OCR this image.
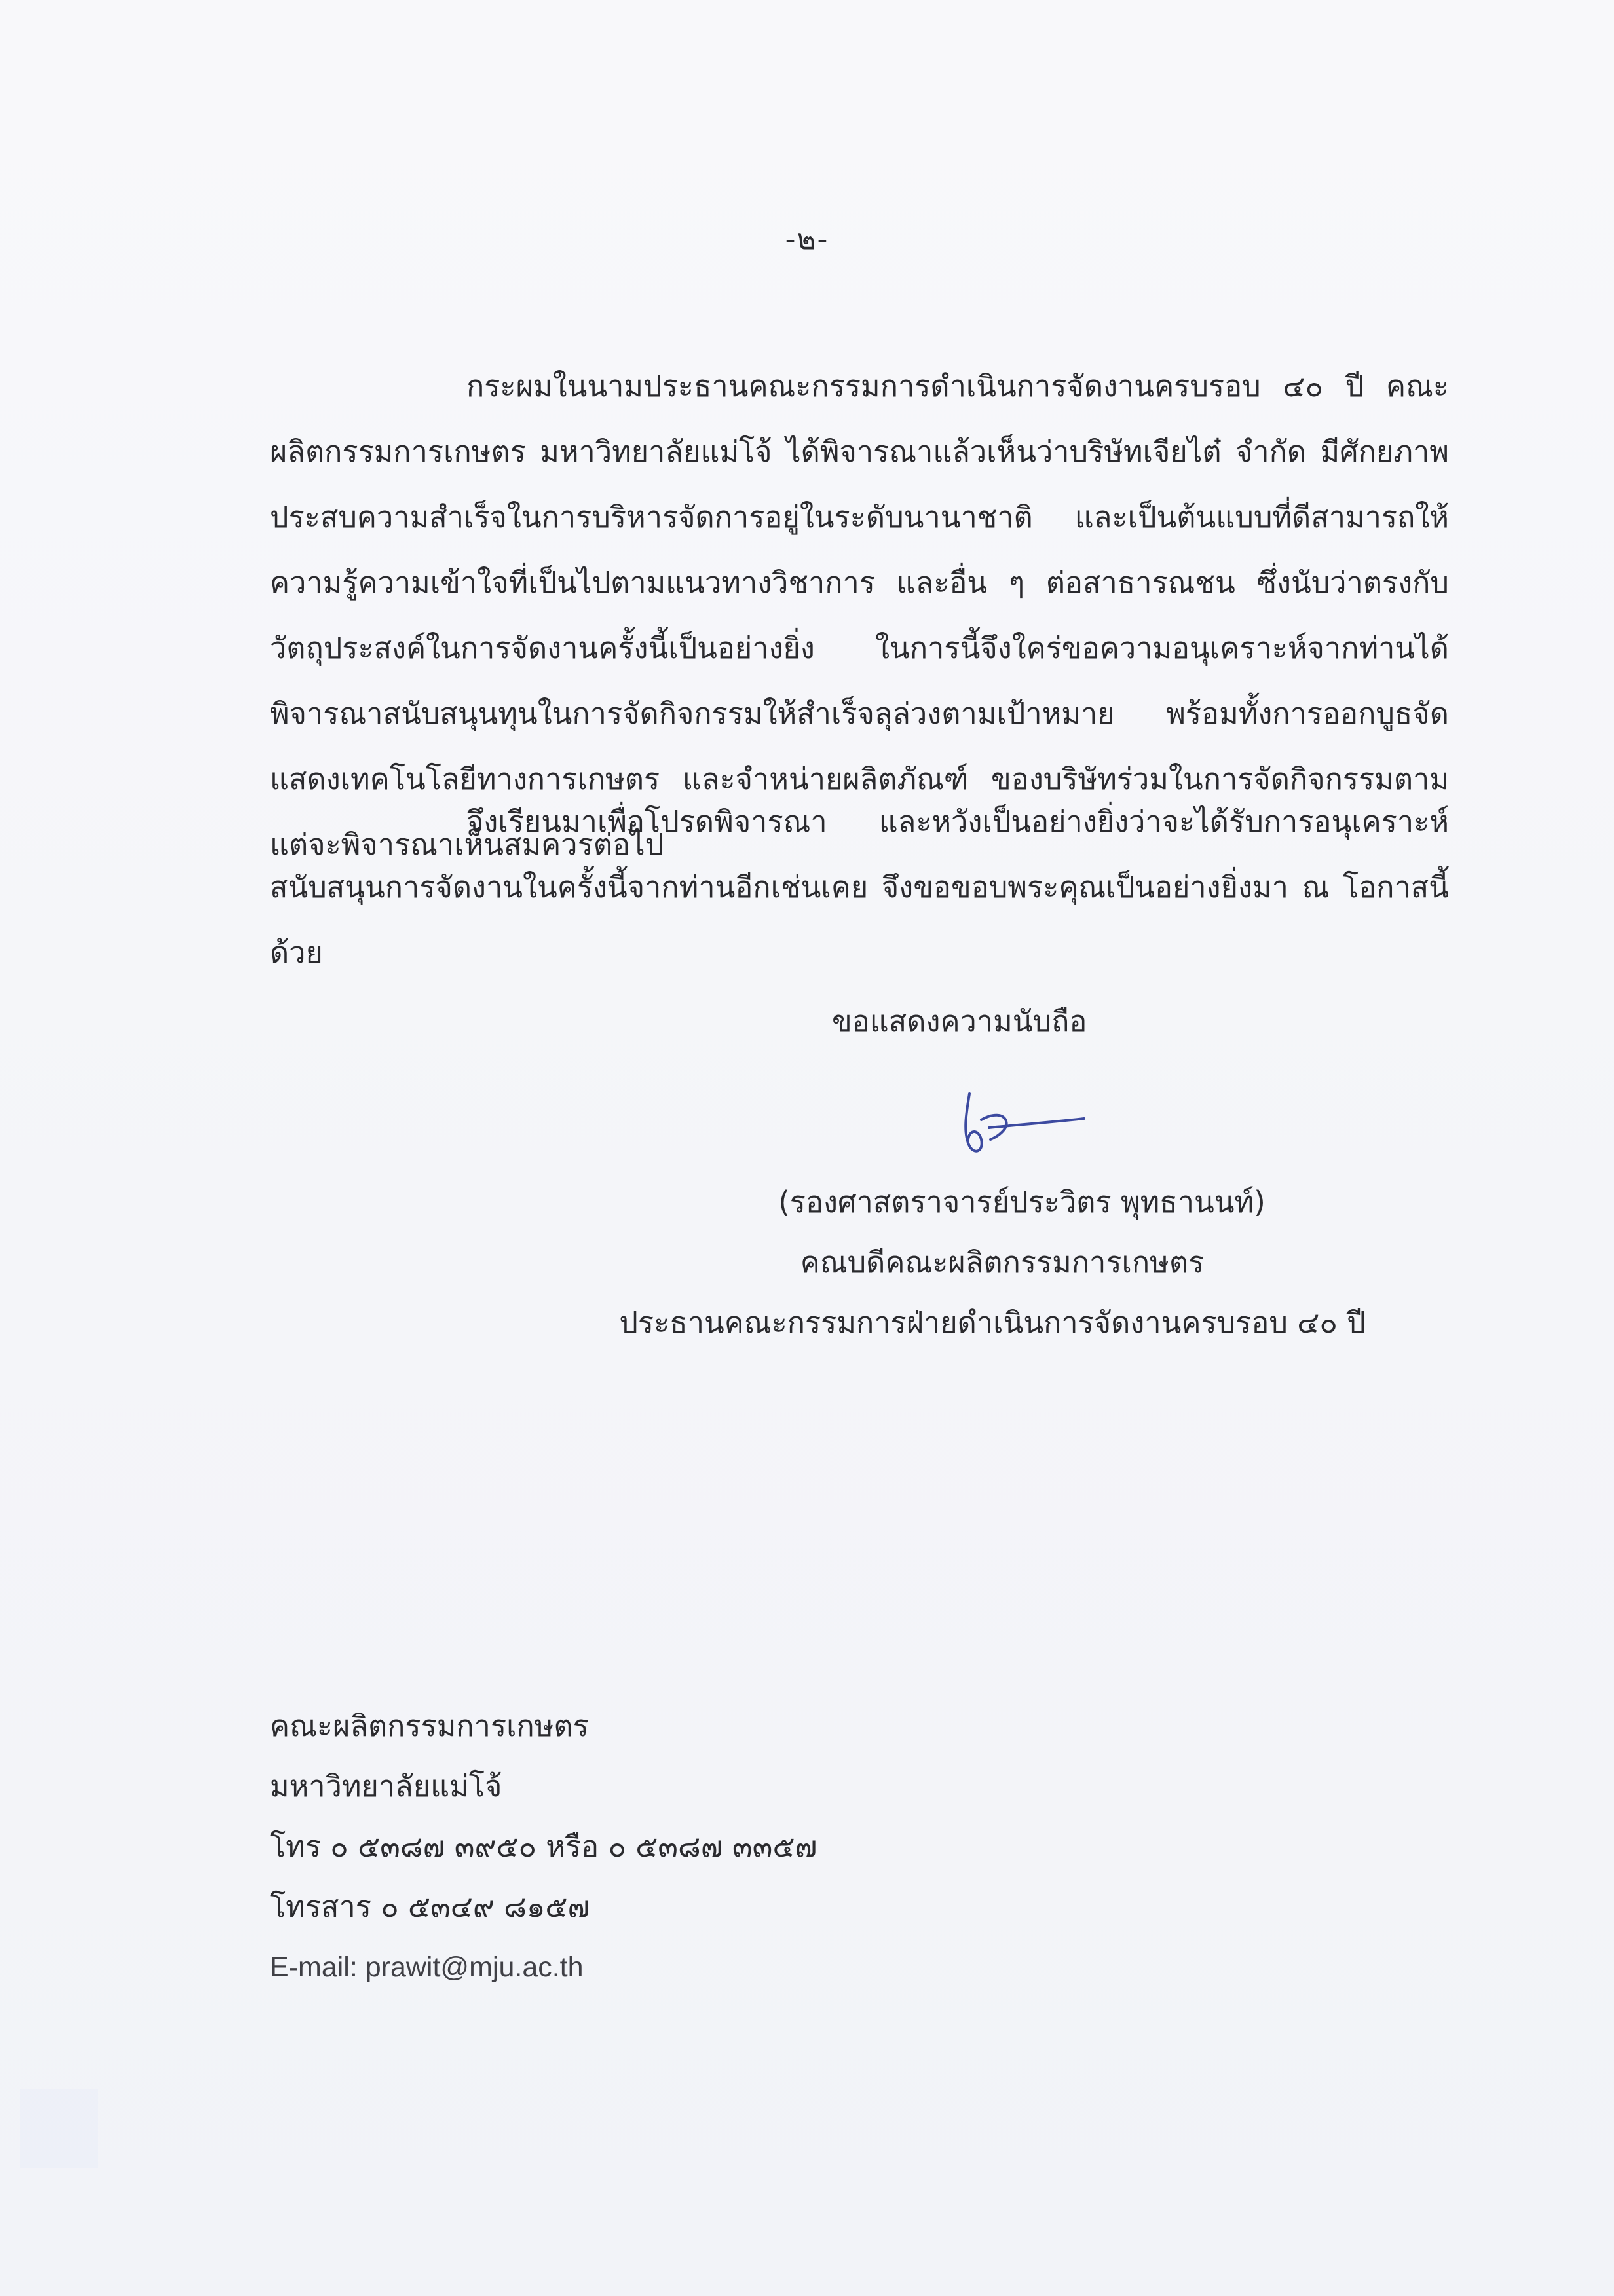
-๒-

กระผมในนามประธานคณะกรรมการดำเนินการจัดงานครบรอบ ๔๐ ปี คณะผลิตกรรมการเกษตร มหาวิทยาลัยแม่โจ้ ได้พิจารณาแล้วเห็นว่าบริษัทเจียไต๋ จำกัด มีศักยภาพประสบความสำเร็จในการบริหารจัดการอยู่ในระดับนานาชาติ และเป็นต้นแบบที่ดีสามารถให้ความรู้ความเข้าใจที่เป็นไปตามแนวทางวิชาการ และอื่น ๆ ต่อสาธารณชน ซึ่งนับว่าตรงกับวัตถุประสงค์ในการจัดงานครั้งนี้เป็นอย่างยิ่ง ในการนี้จึงใคร่ขอความอนุเคราะห์จากท่านได้พิจารณาสนับสนุนทุนในการจัดกิจกรรมให้สำเร็จลุล่วงตามเป้าหมาย พร้อมทั้งการออกบูธจัดแสดงเทคโนโลยีทางการเกษตร และจำหน่ายผลิตภัณฑ์ ของบริษัทร่วมในการจัดกิจกรรมตามแต่จะพิจารณาเห็นสมควรต่อไป

จึงเรียนมาเพื่อโปรดพิจารณา และหวังเป็นอย่างยิ่งว่าจะได้รับการอนุเคราะห์สนับสนุนการจัดงานในครั้งนี้จากท่านอีกเช่นเคย จึงขอขอบพระคุณเป็นอย่างยิ่งมา ณ โอกาสนี้ด้วย

ขอแสดงความนับถือ
(รองศาสตราจารย์ประวิตร พุทธานนท์)
คณบดีคณะผลิตกรรมการเกษตร
ประธานคณะกรรมการฝ่ายดำเนินการจัดงานครบรอบ ๔๐ ปี
คณะผลิตกรรมการเกษตร
มหาวิทยาลัยแม่โจ้
โทร ๐ ๕๓๘๗ ๓๙๕๐ หรือ ๐ ๕๓๘๗ ๓๓๕๗
โทรสาร ๐ ๕๓๔๙ ๘๑๕๗
E-mail: prawit@mju.ac.th
